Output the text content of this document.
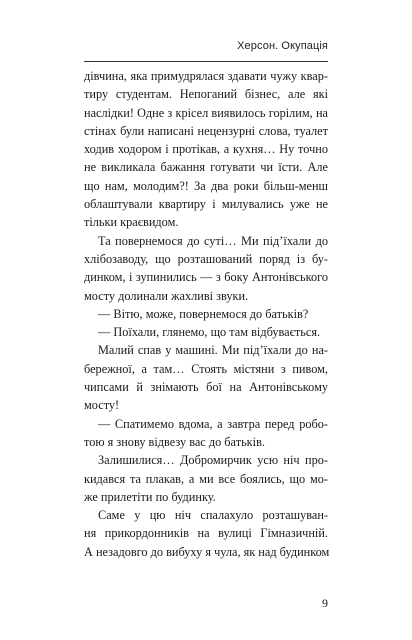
Херсон. Окупація
дівчина, яка примудрялася здавати чужу квар-
тиру студентам. Непоганий бізнес, але які
наслідки! Одне з крісел виявилось горілим, на
стінах були написані нецензурні слова, туалет
ходив ходором і протікав, а кухня… Ну точно
не викликала бажання готувати чи їсти. Але
що нам, молодим?! За два роки більш-менш
облаштували квартиру і милувались уже не
тільки краєвидом.
Та повернемося до суті… Ми під’їхали до
хлібозаводу, що розташований поряд із бу-
динком, і зупинились — з боку Антонівського
мосту долинали жахливі звуки.
— Вітю, може, повернемося до батьків?
— Поїхали, глянемо, що там відбувається.
Малий спав у машині. Ми під’їхали до на-
бережної, а там… Стоять містяни з пивом,
чипсами й знімають бої на Антонівському
мосту!
— Спатимемо вдома, а завтра перед робо-
тою я знову відвезу вас до батьків.
Залишилися… Добромирчик усю ніч про-
кидався та плакав, а ми все боялись, що мо-
же прилетіти по будинку.
Саме у цю ніч спалахуло розташуван-
ня прикордонників на вулиці Гімназичній.
А незадовго до вибуху я чула, як над будинком
9
